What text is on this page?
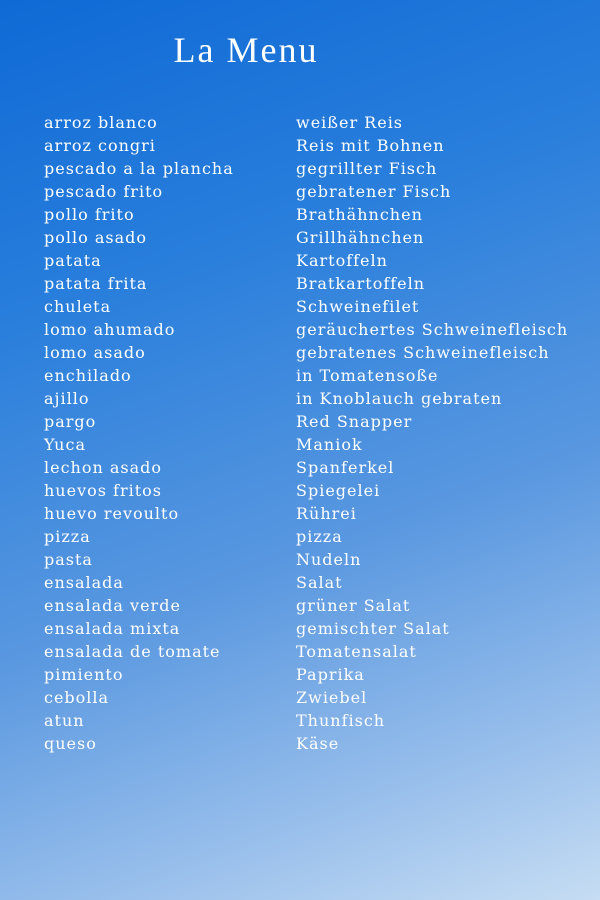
La Menu
arroz blanco	weißer Reis
arroz congri	Reis mit Bohnen
pescado a la plancha	gegrillter Fisch
pescado frito	gebratener Fisch
pollo frito	Brathähnchen
pollo asado	Grillhähnchen
patata	Kartoffeln
patata frita	Bratkartoffeln
chuleta	Schweinefilet
lomo ahumado	geräuchertes Schweinefleisch
lomo asado	gebratenes Schweinefleisch
enchilado	in Tomatensoße
ajillo	in Knoblauch gebraten
pargo	Red Snapper
Yuca	Maniok
lechon asado	Spanferkel
huevos fritos	Spiegelei
huevo revoulto	Rührei
pizza	pizza
pasta	Nudeln
ensalada	Salat
ensalada verde	grüner Salat
ensalada mixta	gemischter Salat
ensalada de tomate	Tomatensalat
pimiento	Paprika
cebolla	Zwiebel
atun	Thunfisch
queso	Käse
